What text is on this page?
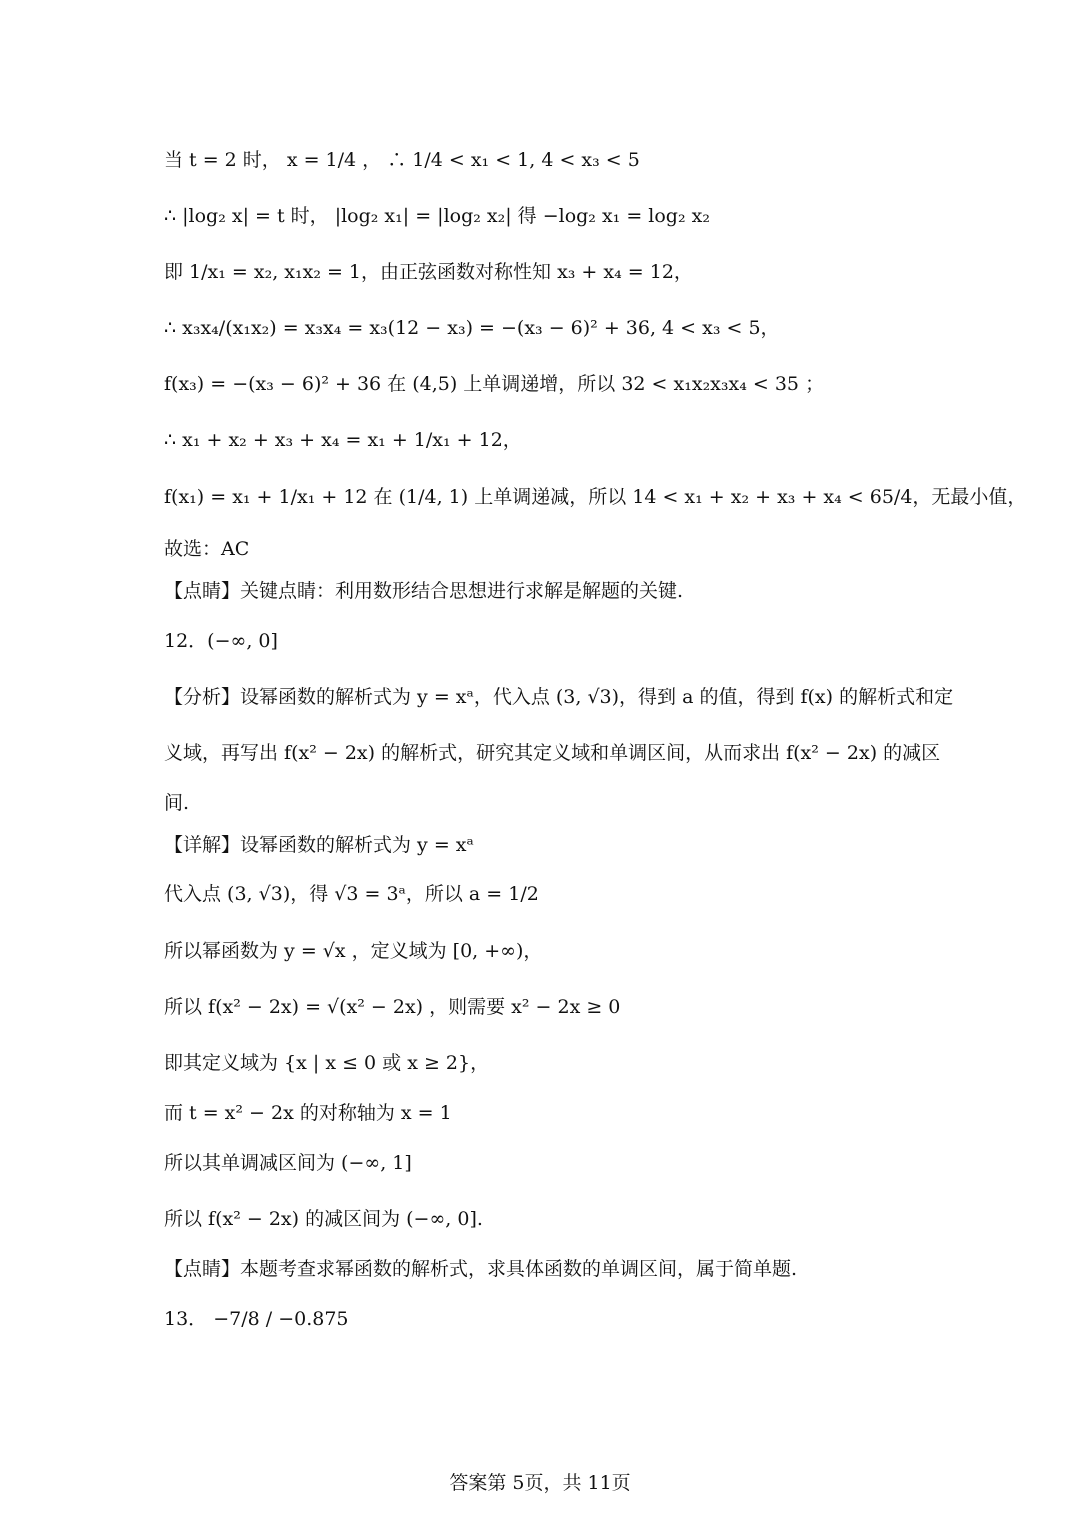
当 t = 2 时， x = 1/4 ， ∴ 1/4 < x₁ < 1, 4 < x₃ < 5
∴ |log₂ x| = t 时， |log₂ x₁| = |log₂ x₂| 得 −log₂ x₁ = log₂ x₂
即 1/x₁ = x₂, x₁x₂ = 1，由正弦函数对称性知 x₃ + x₄ = 12，
∴ x₃x₄/(x₁x₂) = x₃x₄ = x₃(12 − x₃) = −(x₃ − 6)² + 36, 4 < x₃ < 5，
f(x₃) = −(x₃ − 6)² + 36 在 (4,5) 上单调递增，所以 32 < x₁x₂x₃x₄ < 35 ；
∴ x₁ + x₂ + x₃ + x₄ = x₁ + 1/x₁ + 12，
f(x₁) = x₁ + 1/x₁ + 12 在 (1/4, 1) 上单调递减，所以 14 < x₁ + x₂ + x₃ + x₄ < 65/4，无最小值，
故选：AC
【点睛】关键点睛：利用数形结合思想进行求解是解题的关键.
12．(−∞, 0]
【分析】设幂函数的解析式为 y = xᵃ，代入点 (3, √3)，得到 a 的值，得到 f(x) 的解析式和定
义域，再写出 f(x² − 2x) 的解析式，研究其定义域和单调区间，从而求出 f(x² − 2x) 的减区
间.
【详解】设幂函数的解析式为 y = xᵃ
代入点 (3, √3)，得 √3 = 3ᵃ，所以 a = 1/2
所以幂函数为 y = √x ，定义域为 [0, +∞)，
所以 f(x² − 2x) = √(x² − 2x) ，则需要 x² − 2x ≥ 0
即其定义域为 {x | x ≤ 0 或 x ≥ 2}，
而 t = x² − 2x 的对称轴为 x = 1
所以其单调减区间为 (−∞, 1]
所以 f(x² − 2x) 的减区间为 (−∞, 0].
【点睛】本题考查求幂函数的解析式，求具体函数的单调区间，属于简单题.
13． −7/8 / −0.875
答案第 5页，共 11页
